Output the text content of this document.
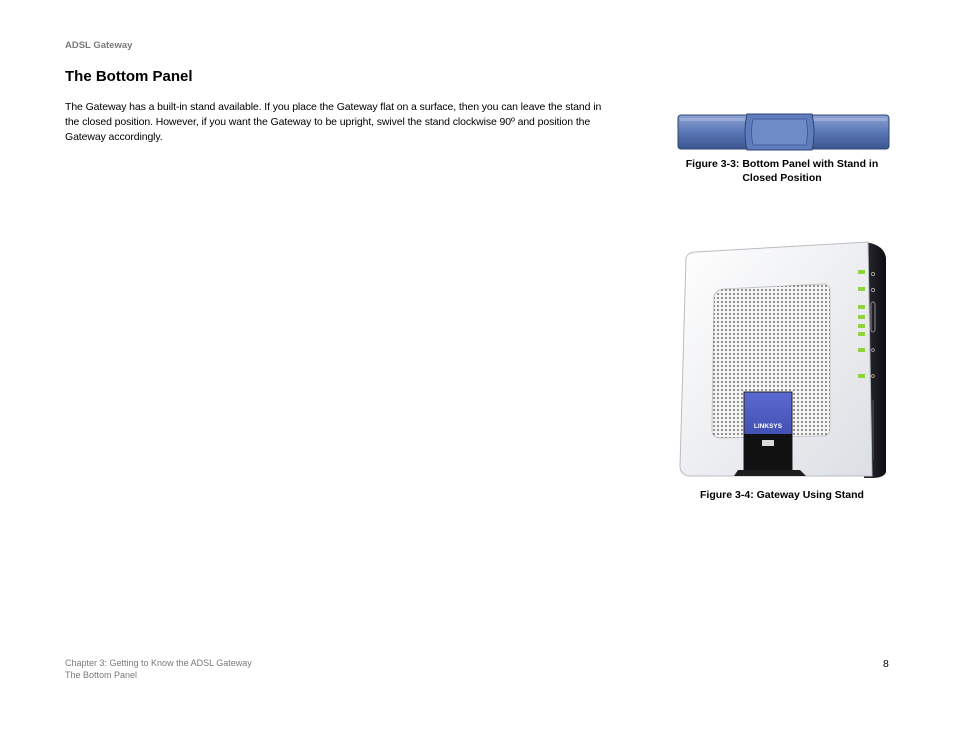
ADSL Gateway
The Bottom Panel

The Gateway has a built-in stand available. If you place the Gateway flat on a surface, then you can leave the stand in the closed position. However, if you want the Gateway to be upright, swivel the stand clockwise 90º and position the Gateway accordingly.

Figure 3-3: Bottom Panel with Stand in
Closed Position
LINKSYS
Figure 3-4: Gateway Using Stand
Chapter 3: Getting to Know the ADSL Gateway
The Bottom Panel
8
